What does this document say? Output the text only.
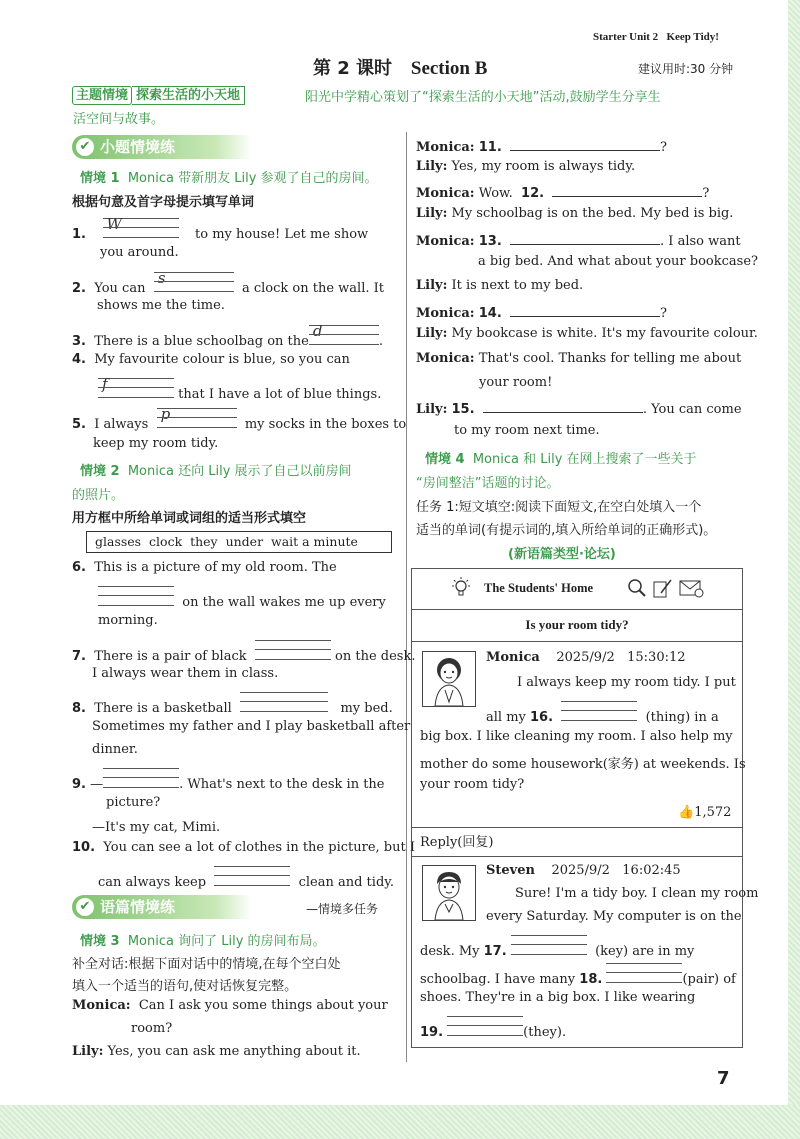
Starter Unit 2 Keep Tidy!
第 2 课时 Section B	建议用时:30 分钟
主题情境 探索生活的小天地	阳光中学精心策划了“探索生活的小天地”活动,鼓励学生分享生
活空间与故事。
✔ 小题情境练
情境 1 Monica 带新朋友 Lily 参观了自己的房间。
根据句意及首字母提示填写单词
1.
W
to my house! Let me show
you around.
2. You can
s
a clock on the wall. It
shows me the time.
3. There is a blue schoolbag on the
d
.
4. My favourite colour is blue, so you can
f
that I have a lot of blue things.
5. I always
p
my socks in the boxes to
keep my room tidy.
情境 2 Monica 还向 Lily 展示了自己以前房间
的照片。
用方框中所给单词或词组的适当形式填空
glasses  clock  they  under  wait a minute
6. This is a picture of my old room. The
on the wall wakes me up every
morning.
7. There is a pair of black	on the desk.
I always wear them in class.
8. There is a basketball	my bed.
Sometimes my father and I play basketball after
dinner.
9. —	. What's next to the desk in the
picture?
—It's my cat, Mimi.
10. You can see a lot of clothes in the picture, but I
can always keep	clean and tidy.
✔ 语篇情境练	—情境多任务
情境 3 Monica 询问了 Lily 的房间布局。
补全对话:根据下面对话中的情境,在每个空白处
填入一个适当的语句,使对话恢复完整。
Monica: Can I ask you some things about your
room?
Lily: Yes, you can ask me anything about it.
Monica: 11.	?
Lily: Yes, my room is always tidy.
Monica: Wow. 12.	?
Lily: My schoolbag is on the bed. My bed is big.
Monica: 13.	. I also want
a big bed. And what about your bookcase?
Lily: It is next to my bed.
Monica: 14.	?
Lily: My bookcase is white. It's my favourite colour.
Monica: That's cool. Thanks for telling me about
your room!
Lily: 15.	. You can come
to my room next time.
情境 4 Monica 和 Lily 在网上搜索了一些关于
“房间整洁”话题的讨论。
任务 1:短文填空:阅读下面短文,在空白处填入一个
适当的单词(有提示词的,填入所给单词的正确形式)。
(新语篇类型·论坛)
The Students' Home
Is your room tidy?
Monica 2025/9/2 15:30:12
I always keep my room tidy. I put
all my 16.	(thing) in a
big box. I like cleaning my room. I also help my
mother do some housework(家务) at weekends. Is
your room tidy?
👍1,572
Reply(回复)
Steven 2025/9/2 16:02:45
Sure! I'm a tidy boy. I clean my room
every Saturday. My computer is on the
desk. My 17.	(key) are in my
schoolbag. I have many 18.	(pair) of
shoes. They're in a big box. I like wearing
19.	(they).
7
